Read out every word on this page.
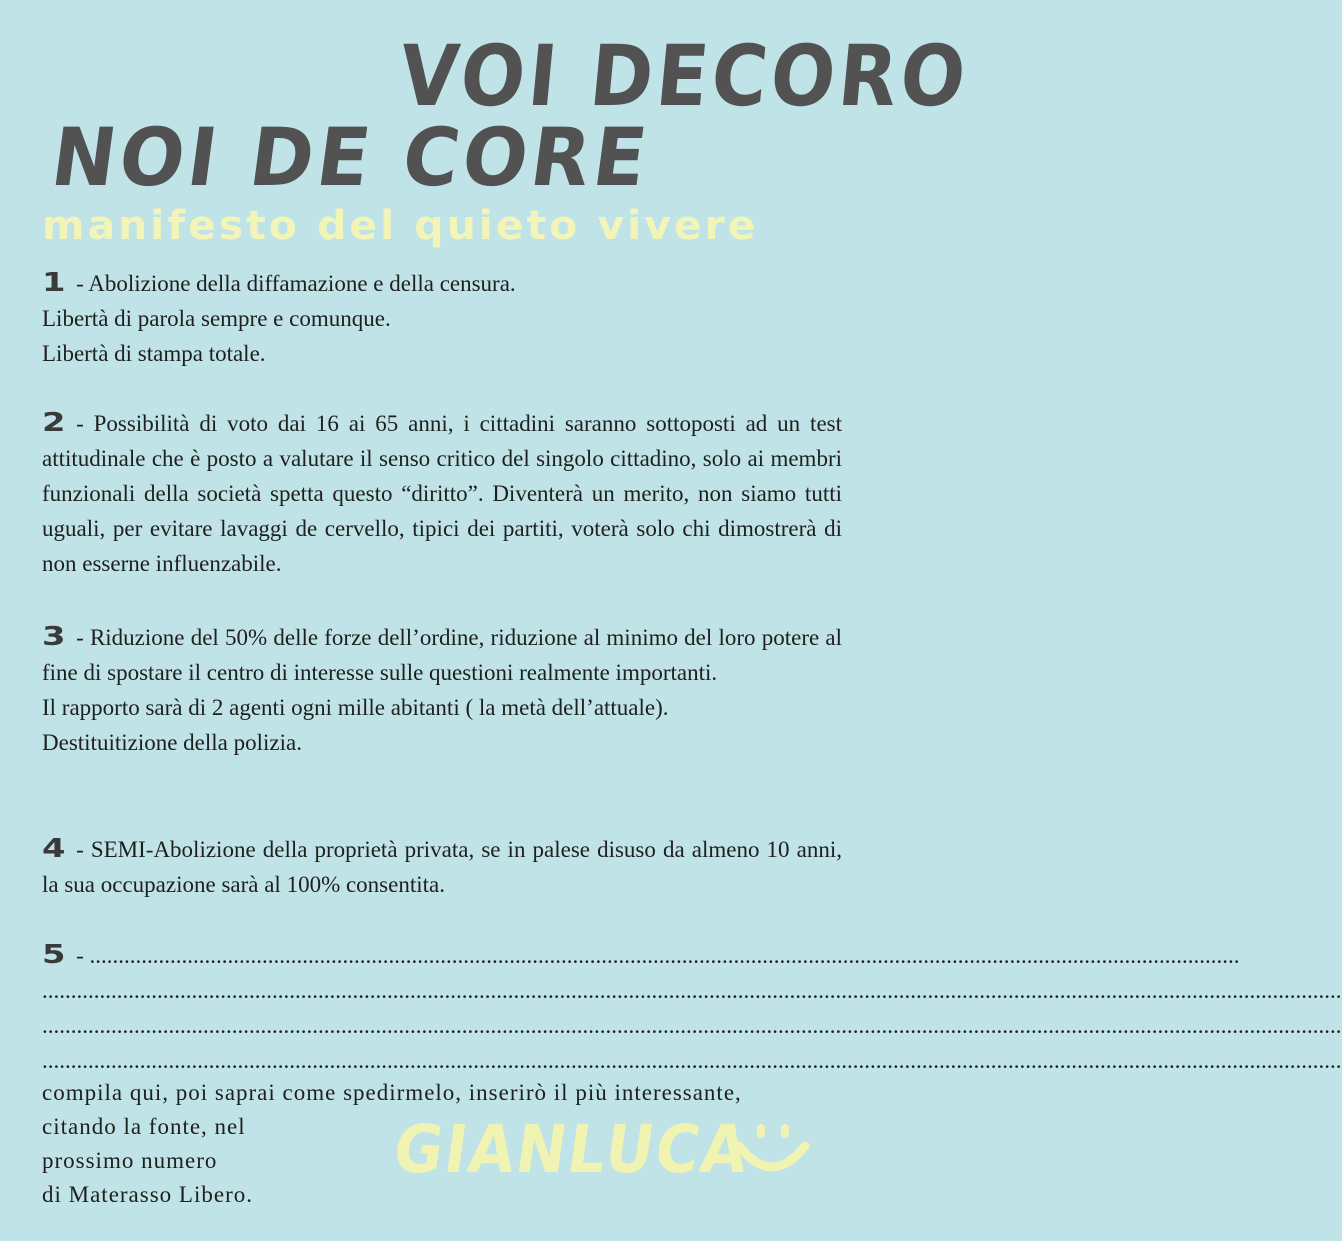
VOI DECORO
NOI DE CORE
manifesto del quieto vivere

1 - Abolizione della diffamazione e della censura.

Libertà di parola sempre e comunque.

Libertà di stampa totale.

2 - Possibilità di voto dai 16 ai 65 anni, i cittadini saranno sottoposti ad un test attitudinale che è posto a valutare il senso critico del singolo cittadino, solo ai membri funzionali della società spetta questo “diritto”. Diventerà un merito, non siamo tutti uguali, per evitare lavaggi de cervello, tipici dei partiti, voterà solo chi dimostrerà di non esserne influenzabile.

3 - Riduzione del 50% delle forze dell’ordine, riduzione al minimo del loro potere al fine di spostare il centro di interesse sulle questioni realmente importanti.

Il rapporto sarà di 2 agenti ogni mille abitanti ( la metà dell’attuale).

Destituitizione della polizia.

4 - SEMI-Abolizione della proprietà privata, se in palese disuso da almeno 10 anni, la sua occupazione sarà al 100% consentita.

5 - ........................................................................................................................................................................................................

..................................................................................................................................................................................................................................

..................................................................................................................................................................................................................................

..................................................................................................................................................................................................................................

compila qui, poi saprai come spedirmelo, inserirò il più interessante,

citando la fonte, nel

prossimo numero

di Materasso Libero.

GIANLUCA
